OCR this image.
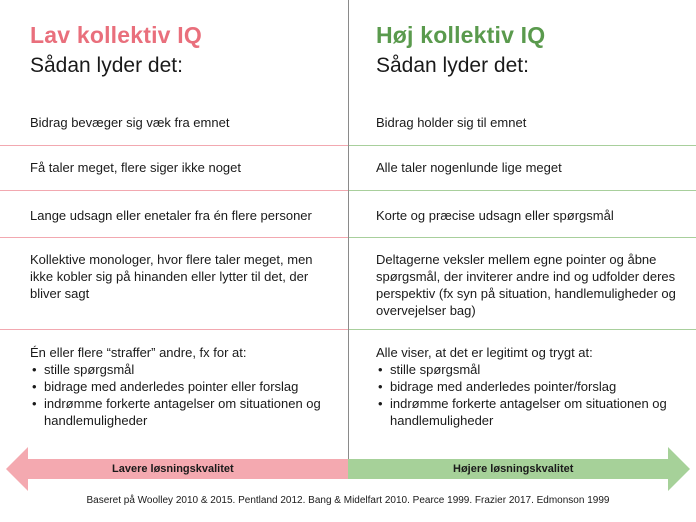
Lav kollektiv IQ
Sådan lyder det:
Bidrag bevæger sig væk fra emnet
Få taler meget, flere siger ikke noget
Lange udsagn eller enetaler fra én flere personer
Kollektive monologer, hvor flere taler meget, men ikke kobler sig på hinanden eller lytter til det, der bliver sagt
Én eller flere “straffer” andre, fx for at:
• stille spørgsmål
• bidrage med anderledes pointer eller forslag
• indrømme forkerte antagelser om situationen og handlemuligheder
Høj kollektiv IQ
Sådan lyder det:
Bidrag holder sig til emnet
Alle taler nogenlunde lige meget
Korte og præcise udsagn eller spørgsmål
Deltagerne veksler mellem egne pointer og åbne spørgsmål, der inviterer andre ind og udfolder deres perspektiv (fx syn på situation, handlemuligheder og overvejelser bag)
Alle viser, at det er legitimt og trygt at:
• stille spørgsmål
• bidrage med anderledes pointer/forslag
• indrømme forkerte antagelser om situationen og handlemuligheder
Lavere løsningskvalitet	Højere løsningskvalitet
Baseret på Woolley 2010 & 2015. Pentland 2012. Bang & Midelfart 2010. Pearce 1999. Frazier 2017. Edmonson 1999
